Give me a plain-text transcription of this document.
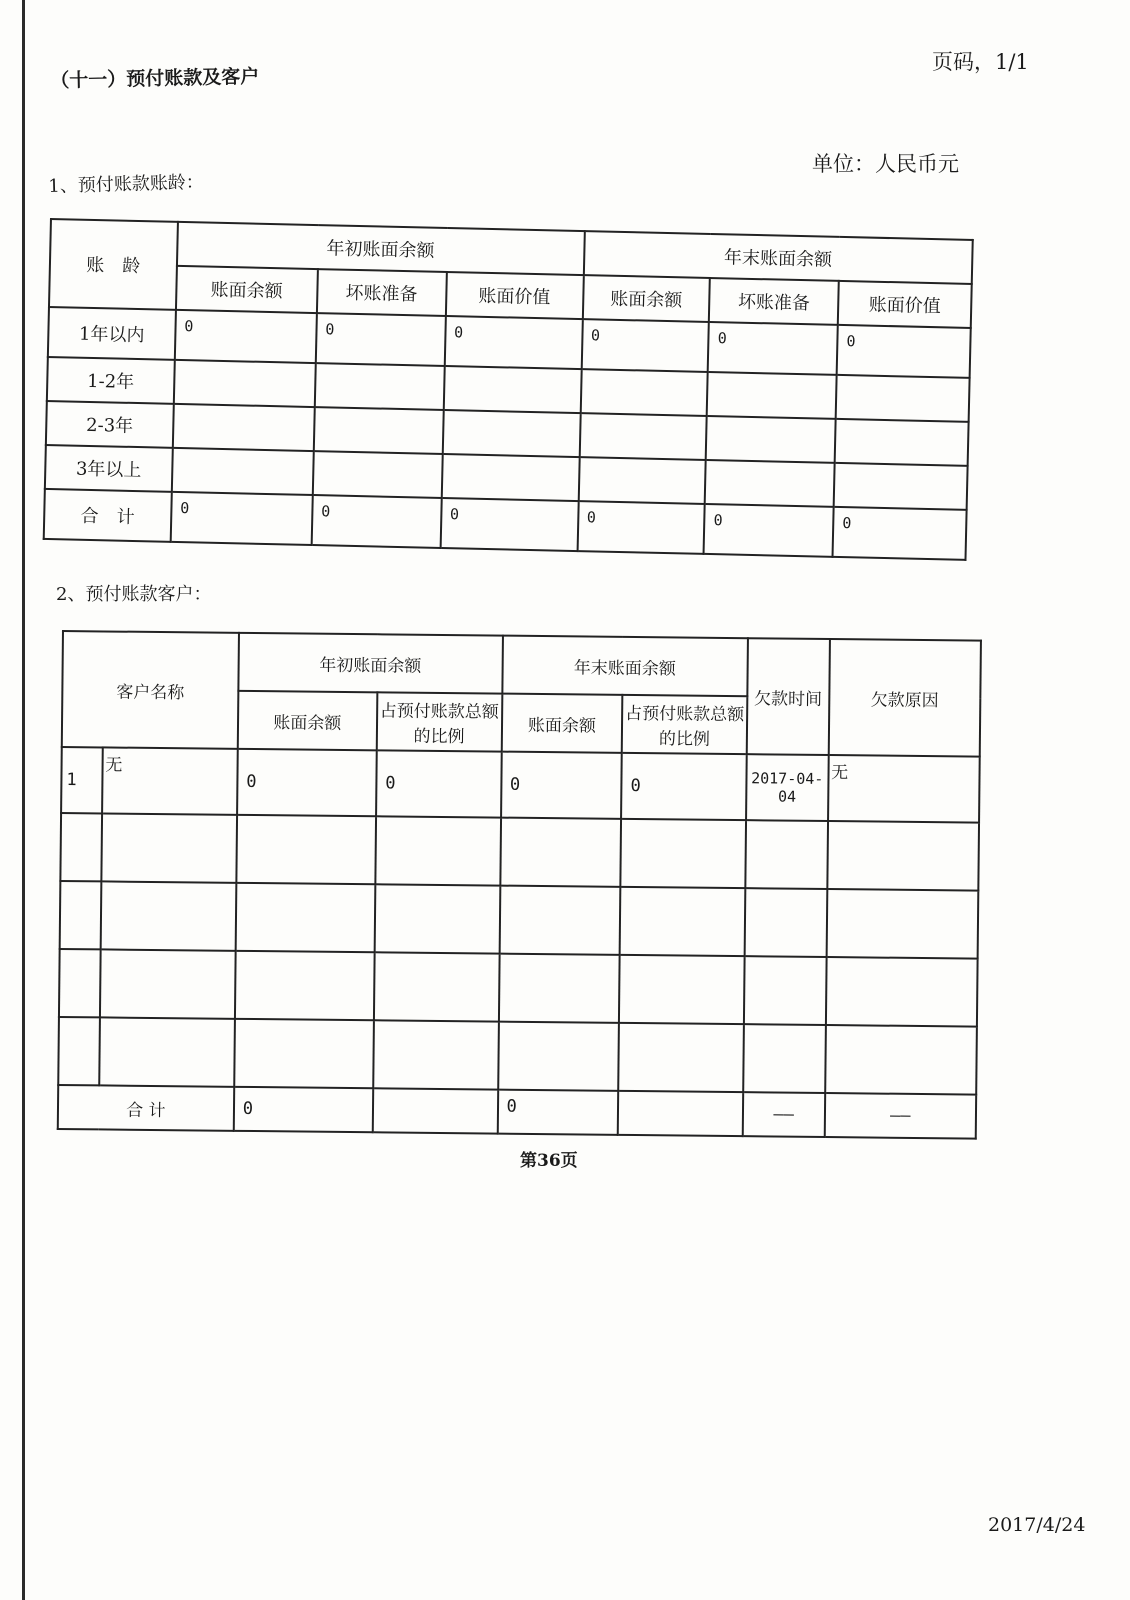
页码，1/1
（十一）预付账款及客户
单位：人民币元
1、预付账款账龄：
账　龄	年初账面余额			年末账面余额		
	账面余额	坏账准备	账面价值	账面余额	坏账准备	账面价值
1年以内	0	0	0	0	0	0
1-2年						
2-3年						
3年以上						
合　计	0	0	0	0	0	0
2、预付账款客户：
客户名称		年初账面余额		年末账面余额		欠款时间	欠款原因
		账面余额	占预付账款总额的比例	账面余额	占预付账款总额的比例		
1	无	0	0	0	0	2017-04-04	无

合 计		0		0		——	——
第36页
2017/4/24
